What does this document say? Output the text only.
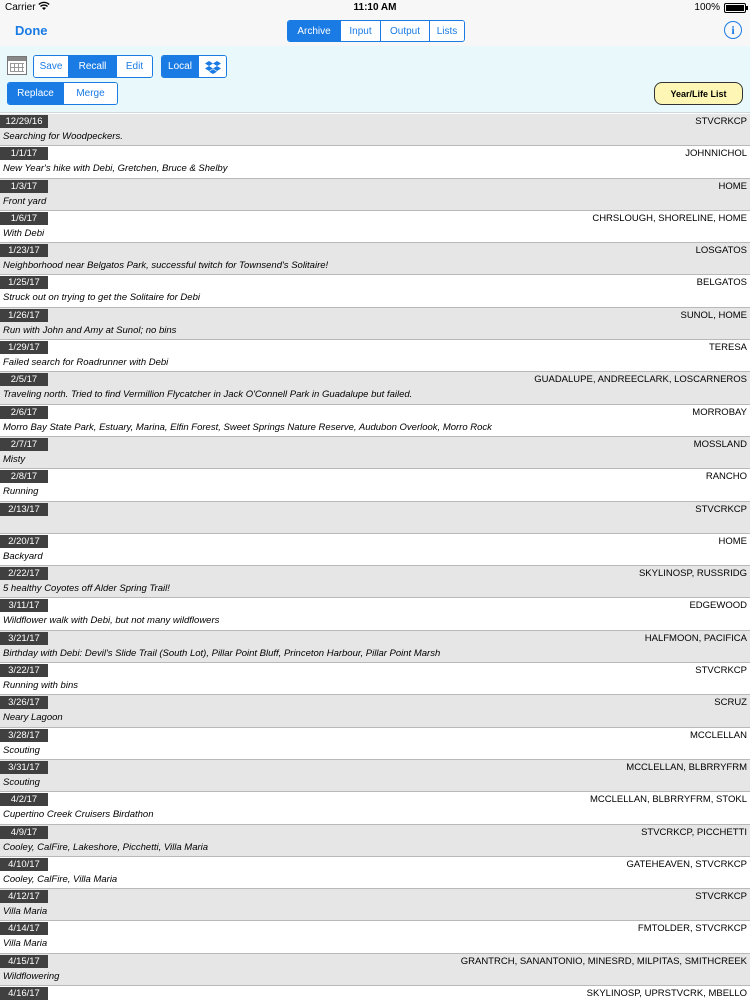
Carrier	11:10 AM	100%
Done	Archive	Input	Output	Lists	i
Save	Recall	Edit	Local
Replace	Merge	Year/Life List
12/29/16	STVCRKCP
Searching for Woodpeckers.
1/1/17	JOHNNICHOL
New Year's hike with Debi, Gretchen, Bruce & Shelby
1/3/17	HOME
Front yard
1/6/17	CHRSLOUGH, SHORELINE, HOME
With Debi
1/23/17	LOSGATOS
Neighborhood near Belgatos Park, successful twitch for Townsend's Solitaire!
1/25/17	BELGATOS
Struck out on trying to get the Solitaire for Debi
1/26/17	SUNOL, HOME
Run with John and Amy at Sunol; no bins
1/29/17	TERESA
Failed search for Roadrunner with Debi
2/5/17	GUADALUPE, ANDREECLARK, LOSCARNEROS
Traveling north. Tried to find Vermillion Flycatcher in Jack O'Connell Park in Guadalupe but failed.
2/6/17	MORROBAY
Morro Bay State Park, Estuary, Marina, Elfin Forest, Sweet Springs Nature Reserve, Audubon Overlook, Morro Rock
2/7/17	MOSSLAND
Misty
2/8/17	RANCHO
Running
2/13/17	STVCRKCP
2/20/17	HOME
Backyard
2/22/17	SKYLINOSP, RUSSRIDG
5 healthy Coyotes off Alder Spring Trail!
3/11/17	EDGEWOOD
Wildflower walk with Debi, but not many wildflowers
3/21/17	HALFMOON, PACIFICA
Birthday with Debi: Devil's Slide Trail (South Lot), Pillar Point Bluff, Princeton Harbour, Pillar Point Marsh
3/22/17	STVCRKCP
Running with bins
3/26/17	SCRUZ
Neary Lagoon
3/28/17	MCCLELLAN
Scouting
3/31/17	MCCLELLAN, BLBRRYFRM
Scouting
4/2/17	MCCLELLAN, BLBRRYFRM, STOKL
Cupertino Creek Cruisers Birdathon
4/9/17	STVCRKCP, PICCHETTI
Cooley, CalFire, Lakeshore, Picchetti, Villa Maria
4/10/17	GATEHEAVEN, STVCRKCP
Cooley, CalFire, Villa Maria
4/12/17	STVCRKCP
Villa Maria
4/14/17	FMTOLDER, STVCRKCP
Villa Maria
4/15/17	GRANTRCH, SANANTONIO, MINESRD, MILPITAS, SMITHCREEK
Wildflowering
4/16/17	SKYLINOSP, UPRSTVCRK, MBELLO
